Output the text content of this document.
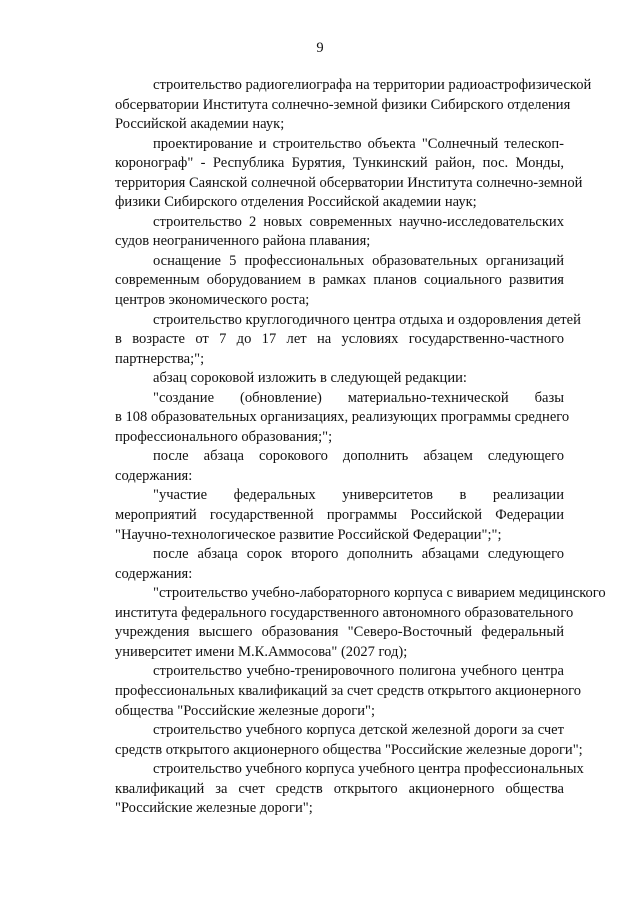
9
строительство радиогелиографа на территории радиоастрофизической
обсерватории Института солнечно-земной физики Сибирского отделения
Российской академии наук;
проектирование и строительство объекта "Солнечный телескоп-
коронограф" - Республика Бурятия, Тункинский район, пос. Монды,
территория Саянской солнечной обсерватории Института солнечно-земной
физики Сибирского отделения Российской академии наук;
строительство 2 новых современных научно-исследовательских
судов неограниченного района плавания;
оснащение 5 профессиональных образовательных организаций
современным оборудованием в рамках планов социального развития
центров экономического роста;
строительство круглогодичного центра отдыха и оздоровления детей
в возрасте от 7 до 17 лет на условиях государственно-частного
партнерства;";
абзац сороковой изложить в следующей редакции:
"создание (обновление) материально-технической базы
в 108 образовательных организациях, реализующих программы среднего
профессионального образования;";
после абзаца сорокового дополнить абзацем следующего
содержания:
"участие федеральных университетов в реализации
мероприятий государственной программы Российской Федерации
"Научно-технологическое развитие Российской Федерации";";
после абзаца сорок второго дополнить абзацами следующего
содержания:
"строительство учебно-лабораторного корпуса с виварием медицинского
института федерального государственного автономного образовательного
учреждения высшего образования "Северо-Восточный федеральный
университет имени М.К.Аммосова" (2027 год);
строительство учебно-тренировочного полигона учебного центра
профессиональных квалификаций за счет средств открытого акционерного
общества "Российские железные дороги";
строительство учебного корпуса детской железной дороги за счет
средств открытого акционерного общества "Российские железные дороги";
строительство учебного корпуса учебного центра профессиональных
квалификаций за счет средств открытого акционерного общества
"Российские железные дороги";
